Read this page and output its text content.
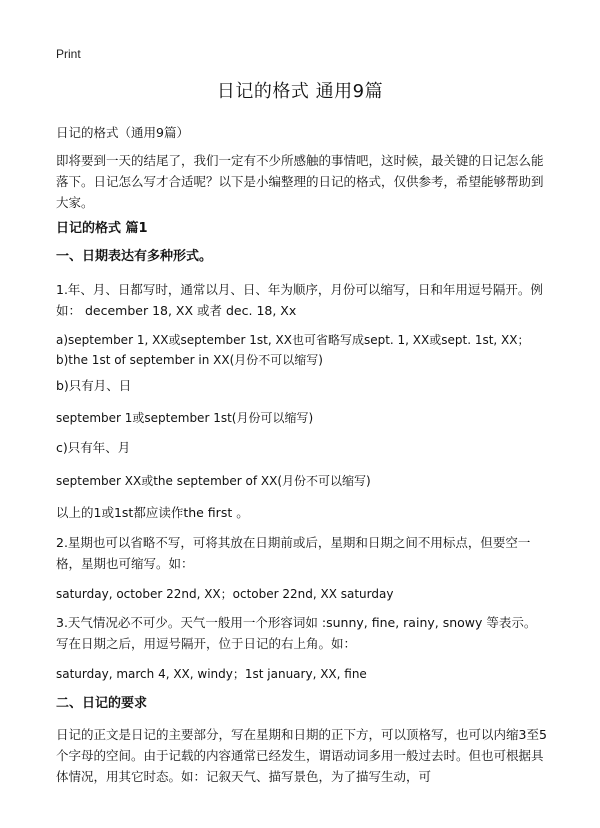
Print
日记的格式 通用9篇
日记的格式（通用9篇）
即将要到一天的结尾了，我们一定有不少所感触的事情吧，这时候，最关键的日记怎么能落下。日记怎么写才合适呢？以下是小编整理的日记的格式，仅供参考，希望能够帮助到大家。
日记的格式 篇1
一、日期表达有多种形式。
1.年、月、日都写时，通常以月、日、年为顺序，月份可以缩写，日和年用逗号隔开。例如： december 18, XX 或者 dec. 18, Xx
a)september 1, XX或september 1st, XX也可省略写成sept. 1, XX或sept. 1st, XX；b)the 1st of september in XX(月份不可以缩写)
b)只有月、日
september 1或september 1st(月份可以缩写)
c)只有年、月
september XX或the september of XX(月份不可以缩写)
以上的1或1st都应读作the first 。
2.星期也可以省略不写，可将其放在日期前或后，星期和日期之间不用标点，但要空一格，星期也可缩写。如：
saturday, october 22nd, XX；october 22nd, XX saturday
3.天气情况必不可少。天气一般用一个形容词如 :sunny, fine, rainy, snowy 等表示。写在日期之后，用逗号隔开，位于日记的右上角。如：
saturday, march 4, XX, windy；1st january, XX, fine
二、日记的要求
日记的正文是日记的主要部分，写在星期和日期的正下方，可以顶格写，也可以内缩3至5个字母的空间。由于记载的内容通常已经发生，谓语动词多用一般过去时。但也可根据具体情况，用其它时态。如：记叙天气、描写景色，为了描写生动，可
